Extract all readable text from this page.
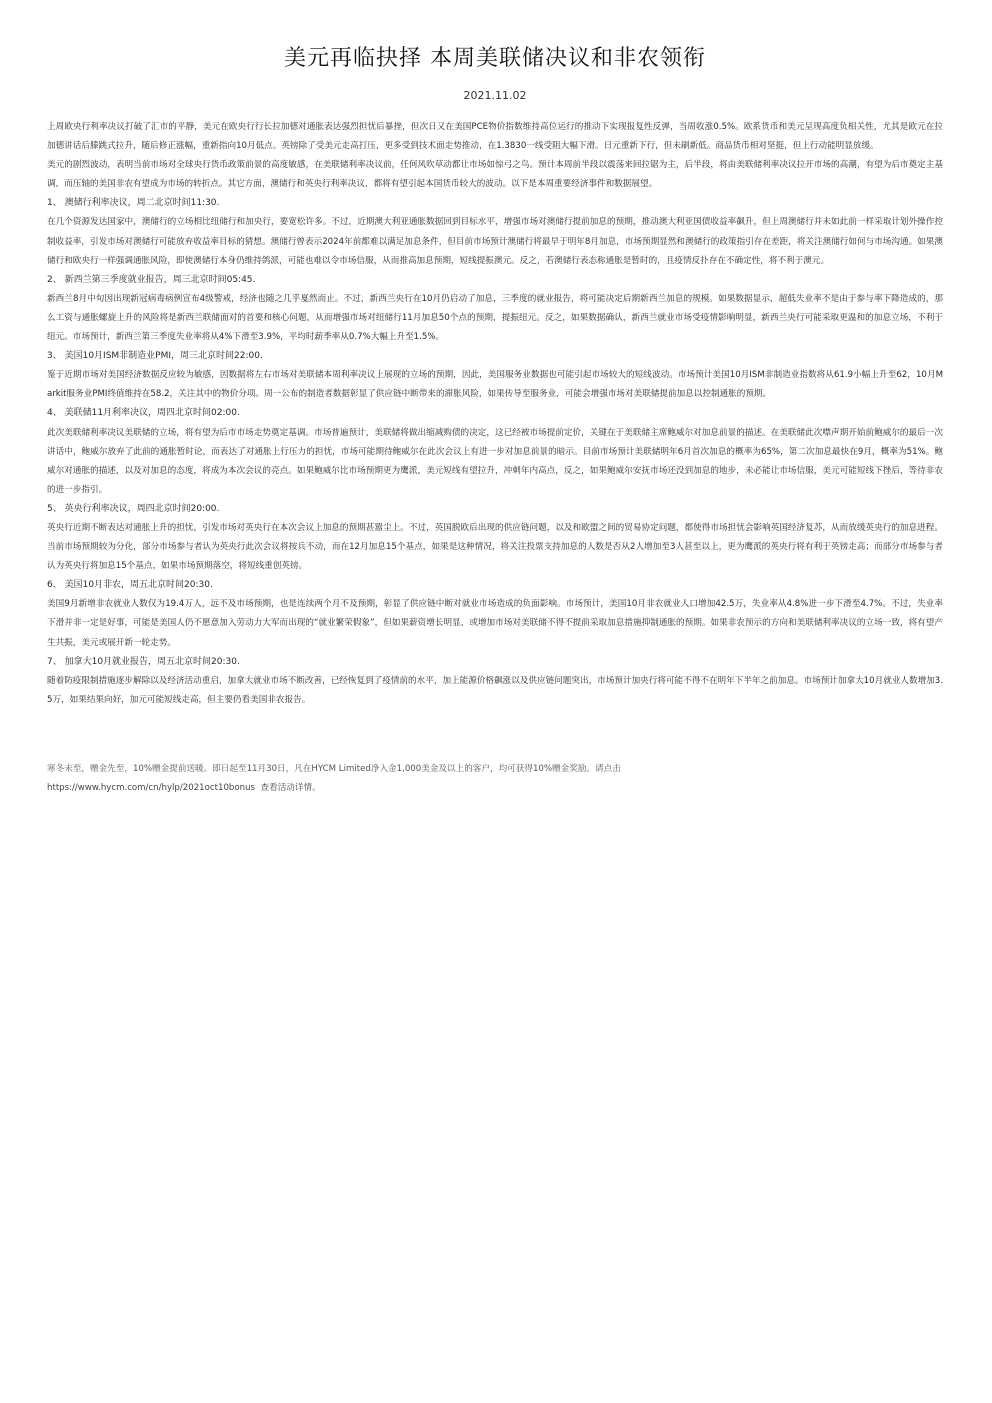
美元再临抉择 本周美联储决议和非农领衔
2021.11.02

上周欧央行利率决议打破了汇市的平静，美元在欧央行行长拉加德对通胀表达强烈担忧后暴挫，但次日又在美国PCE物价指数维持高位运行的推动下实现报复性反弹，当周收涨0.5%。欧系货币和美元呈现高度负相关性，尤其是欧元在拉加德讲话后滕跳式拉升，随后修正涨幅，重新指向10月低点。英镑除了受美元走高打压，更多受到技术面走势推动，在1.3830一线受阻大幅下滑。日元重新下行，但未刷新低。商品货币相对坚挺，但上行动能明显放缓。

美元的剧烈波动，表明当前市场对全球央行货币政策前景的高度敏感，在美联储利率决议前，任何风吹草动都让市场如惊弓之鸟。预计本周前半段以震荡来回拉锯为主，后半段，将由美联储利率决议拉开市场的高潮，有望为后市奠定主基调，而压轴的美国非农有望成为市场的转折点。其它方面，澳储行和英央行利率决议，都将有望引起本国货币较大的波动。以下是本周重要经济事件和数据展望。

1、 澳储行利率决议，周二北京时间11:30.

在几个资源发达国家中，澳储行的立场相比纽储行和加央行，要宽松许多。不过，近期澳大利亚通胀数据回到目标水平，增强市场对澳储行提前加息的预期，推动澳大利亚国债收益率飙升，但上周澳储行并未如此前一样采取计划外操作控制收益率，引发市场对澳储行可能放弃收益率目标的猜想。澳储行曾表示2024年前都难以满足加息条件，但目前市场预计澳储行将最早于明年8月加息，市场预期显然和澳储行的政策指引存在差距，将关注澳储行如何与市场沟通。如果澳储行和欧央行一样强调通胀风险，即使澳储行本身仍维持鸽派，可能也难以令市场信服，从而推高加息预期，短线提振澳元。反之，若澳储行表态称通胀是暂时的，且疫情反扑存在不确定性，将不利于澳元。

2、 新西兰第三季度就业报告，周三北京时间05:45.

新西兰8月中旬因出现新冠病毒病例宣布4级警戒，经济也随之几乎戛然而止。不过，新西兰央行在10月仍启动了加息，三季度的就业报告，将可能决定后期新西兰加息的规模。如果数据显示，超低失业率不是由于参与率下降造成的，那么工资与通胀螺旋上升的风险将是新西兰联储面对的首要和核心问题，从而增强市场对纽储行11月加息50个点的预期，提振纽元。反之，如果数据确认，新西兰就业市场受疫情影响明显，新西兰央行可能采取更温和的加息立场，不利于纽元。市场预计，新西兰第三季度失业率将从4%下滑至3.9%，平均时薪季率从0.7%大幅上升至1.5%。

3、 美国10月ISM非制造业PMI，周三北京时间22:00.

鉴于近期市场对美国经济数据反应较为敏感，因数据将左右市场对美联储本周利率决议上展现的立场的预期，因此，美国服务业数据也可能引起市场较大的短线波动。市场预计美国10月ISM非制造业指数将从61.9小幅上升至62，10月Markit服务业PMI终值维持在58.2，关注其中的物价分项。周一公布的制造者数据彰显了供应链中断带来的滞胀风险，如果传导至服务业，可能会增强市场对美联储提前加息以控制通胀的预期。

4、 美联储11月利率决议，周四北京时间02:00.

此次美联储利率决议美联储的立场，将有望为后市市场走势奠定基调。市场普遍预计，美联储将做出缩减购债的决定，这已经被市场提前定价，关键在于美联储主席鲍威尔对加息前景的描述。在美联储此次噤声期开始前鲍威尔的最后一次讲话中，鲍威尔放弃了此前的通胀暂时论，而表达了对通胀上行压力的担忧，市场可能期待鲍威尔在此次会议上有进一步对加息前景的暗示。目前市场预计美联储明年6月首次加息的概率为65%，第二次加息最快在9月，概率为51%。鲍威尔对通胀的描述，以及对加息的态度，将成为本次会议的亮点。如果鲍威尔比市场预期更为鹰派，美元短线有望拉升，冲刺年内高点，反之，如果鲍威尔安抚市场还没到加息的地步，未必能让市场信服，美元可能短线下挫后，等待非农的进一步指引。

5、 英央行利率决议，周四北京时间20:00.

英央行近期不断表达对通胀上升的担忧，引发市场对英央行在本次会议上加息的预期甚嚣尘上。不过，英国脱欧后出现的供应链问题，以及和欧盟之间的贸易协定问题，都使得市场担忧会影响英国经济复苏，从而放缓英央行的加息进程。当前市场预期较为分化，部分市场参与者认为英央行此次会议将按兵不动，而在12月加息15个基点，如果是这种情况，将关注投票支持加息的人数是否从2人增加至3人甚至以上，更为鹰派的英央行将有利于英镑走高；而部分市场参与者认为英央行将加息15个基点，如果市场预期落空，将短线重创英镑。

6、 美国10月非农，周五北京时间20:30.

美国9月新增非农就业人数仅为19.4万人，远不及市场预期，也是连续两个月不及预期，彰显了供应链中断对就业市场造成的负面影响。市场预计，美国10月非农就业人口增加42.5万，失业率从4.8%进一步下滑至4.7%。不过，失业率下滑并非一定是好事，可能是美国人仍不愿意加入劳动力大军而出现的“就业繁荣假象”，但如果薪资增长明显，或增加市场对美联储不得不提前采取加息措施抑制通胀的预期。如果非农预示的方向和美联储利率决议的立场一致，将有望产生共振，美元或展开新一轮走势。

7、 加拿大10月就业报告，周五北京时间20:30.

随着防疫限制措施逐步解除以及经济活动重启，加拿大就业市场不断改善，已经恢复到了疫情前的水平，加上能源价格飙涨以及供应链问题突出，市场预计加央行将可能不得不在明年下半年之前加息。市场预计加拿大10月就业人数增加3.5万，如果结果向好，加元可能短线走高，但主要仍看美国非农报告。

寒冬未至，赠金先至，10%赠金提前送暖。即日起至11月30日，凡在HYCM Limited净入金1,000美金及以上的客户，均可获得10%赠金奖励。请点击

https://www.hycm.com/cn/hylp/2021oct10bonus 查看活动详情。
